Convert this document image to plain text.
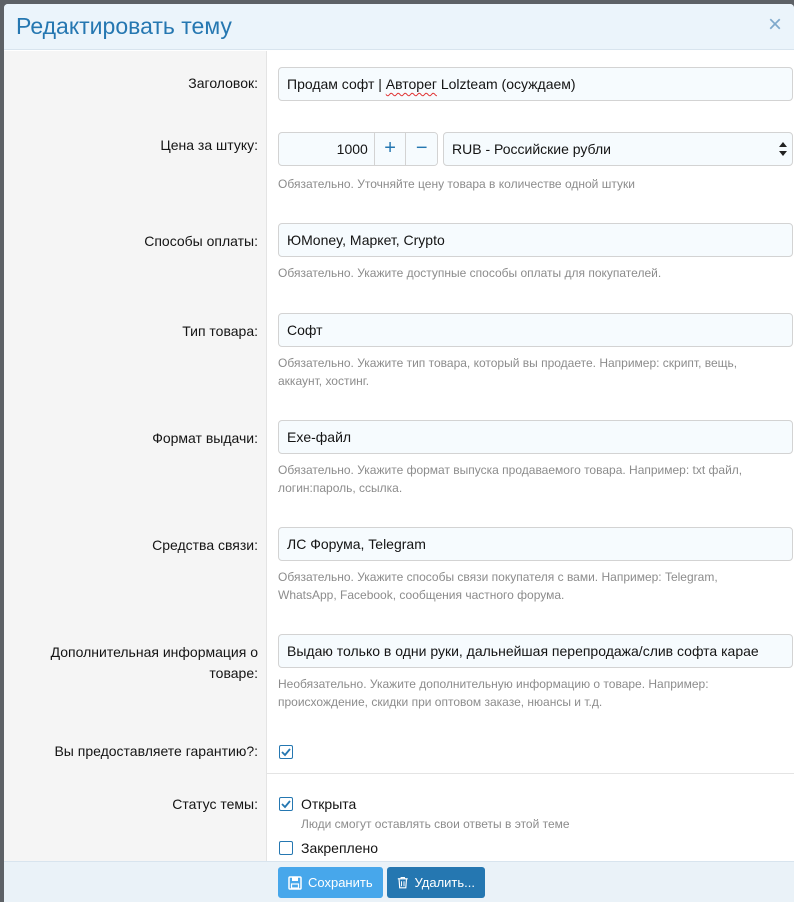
Редактировать тему	×
Заголовок:	Продам софт | Авторег Lolzteam (осуждаем)
Цена за штуку:	1000 + −	RUB - Российские рубли
Обязательно. Уточняйте цену товара в количестве одной штуки
Способы оплаты:	ЮMoney, Маркет, Crypto
Обязательно. Укажите доступные способы оплаты для покупателей.
Тип товара:	Софт
Обязательно. Укажите тип товара, который вы продаете. Например: скрипт, вещь,
аккаунт, хостинг.
Формат выдачи:	Exe-файл
Обязательно. Укажите формат выпуска продаваемого товара. Например: txt файл,
логин:пароль, ссылка.
Средства связи:	ЛС Форума, Telegram
Обязательно. Укажите способы связи покупателя с вами. Например: Telegram,
WhatsApp, Facebook, сообщения частного форума.
Дополнительная информация о
товаре:
Выдаю только в одни руки, дальнейшая перепродажа/слив софта карае
Необязательно. Укажите дополнительную информацию о товаре. Например:
происхождение, скидки при оптовом заказе, нюансы и т.д.
Вы предоставляете гарантию?:
Статус темы:	Открыта
Люди смогут оставлять свои ответы в этой теме
Закреплено
Сохранить	Удалить...
